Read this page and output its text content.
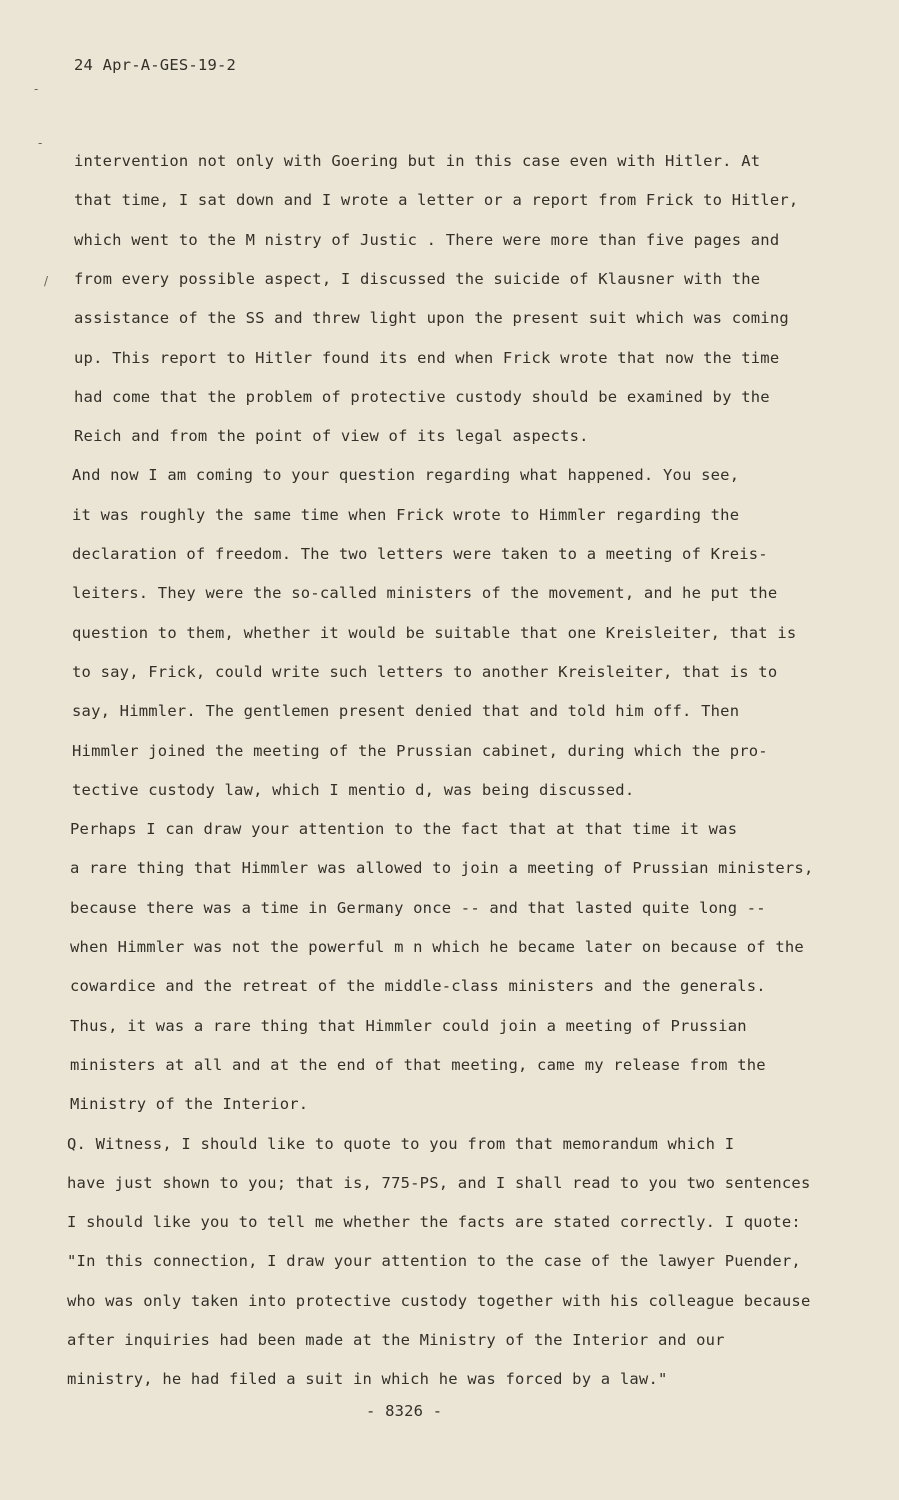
24 Apr-A-GES-19-2
intervention not only with Goering but in this case even with Hitler. At
that time, I sat down and I wrote a letter or a report from Frick to Hitler,
which went to the M nistry of Justic . There were more than five pages and
from every possible aspect, I discussed the suicide of Klausner with the
assistance of the SS and threw light upon the present suit which was coming
up. This report to Hitler found its end when Frick wrote that now the time
had come that the problem of protective custody should be examined by the
Reich and from the point of view of its legal aspects.
And now I am coming to your question regarding what happened. You see,
it was roughly the same time when Frick wrote to Himmler regarding the
declaration of freedom. The two letters were taken to a meeting of Kreis-
leiters. They were the so-called ministers of the movement, and he put the
question to them, whether it would be suitable that one Kreisleiter, that is
to say, Frick, could write such letters to another Kreisleiter, that is to
say, Himmler. The gentlemen present denied that and told him off. Then
Himmler joined the meeting of the Prussian cabinet, during which the pro-
tective custody law, which I mentio d, was being discussed.
Perhaps I can draw your attention to the fact that at that time it was
a rare thing that Himmler was allowed to join a meeting of Prussian ministers,
because there was a time in Germany once -- and that lasted quite long --
when Himmler was not the powerful m n which he became later on because of the
cowardice and the retreat of the middle-class ministers and the generals.
Thus, it was a rare thing that Himmler could join a meeting of Prussian
ministers at all and at the end of that meeting, came my release from the
Ministry of the Interior.
Q. Witness, I should like to quote to you from that memorandum which I
have just shown to you; that is, 775-PS, and I shall read to you two sentences
I should like you to tell me whether the facts are stated correctly. I quote:
"In this connection, I draw your attention to the case of the lawyer Puender,
who was only taken into protective custody together with his colleague because
after inquiries had been made at the Ministry of the Interior and our
ministry, he had filed a suit in which he was forced by a law."
- 8326 -
-
-
/
